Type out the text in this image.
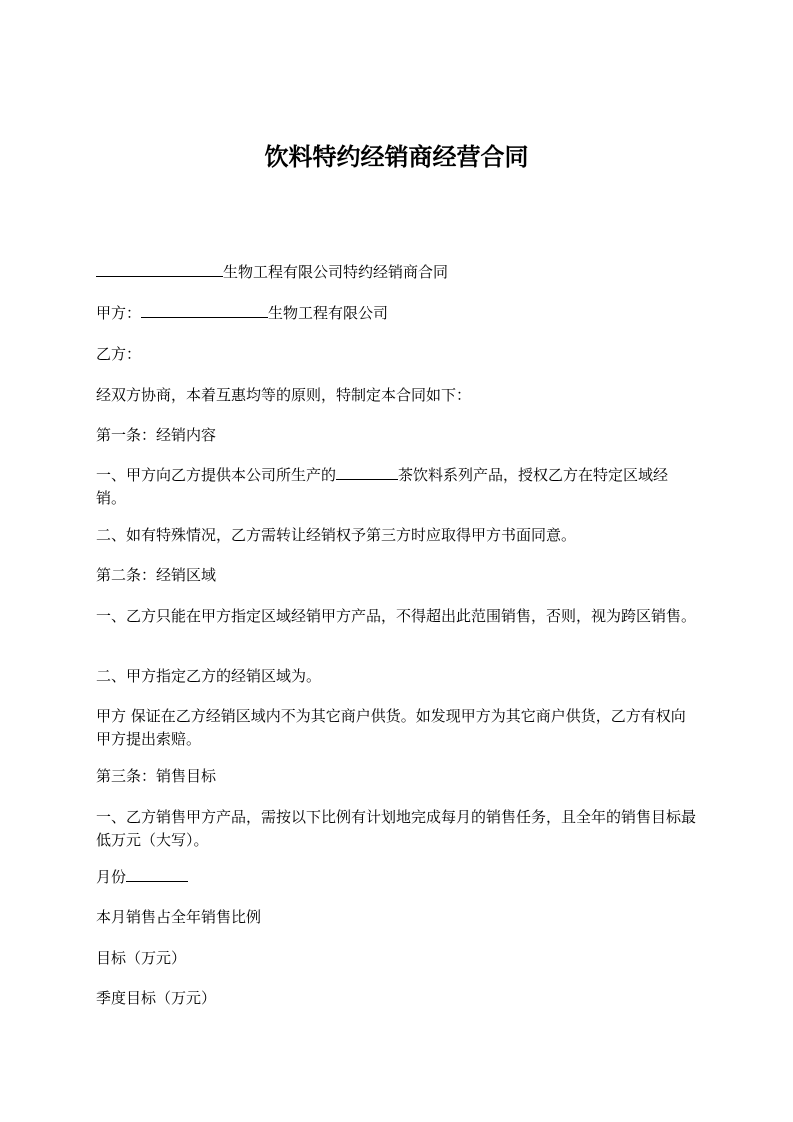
饮料特约经销商经营合同
生物工程有限公司特约经销商合同
甲方：	生物工程有限公司
乙方：
经双方协商，本着互惠均等的原则，特制定本合同如下：
第一条：经销内容
一、甲方向乙方提供本公司所生产的	茶饮料系列产品，授权乙方在特定区域经销。
二、如有特殊情况，乙方需转让经销权予第三方时应取得甲方书面同意。
第二条：经销区域
一、乙方只能在甲方指定区域经销甲方产品，不得超出此范围销售，否则，视为跨区销售。
二、甲方指定乙方的经销区域为。
甲方 保证在乙方经销区域内不为其它商户供货。如发现甲方为其它商户供货，乙方有权向甲方提出索赔。
第三条：销售目标
一、乙方销售甲方产品，需按以下比例有计划地完成每月的销售任务，且全年的销售目标最低万元（大写）。
月份
本月销售占全年销售比例
目标（万元）
季度目标（万元）
